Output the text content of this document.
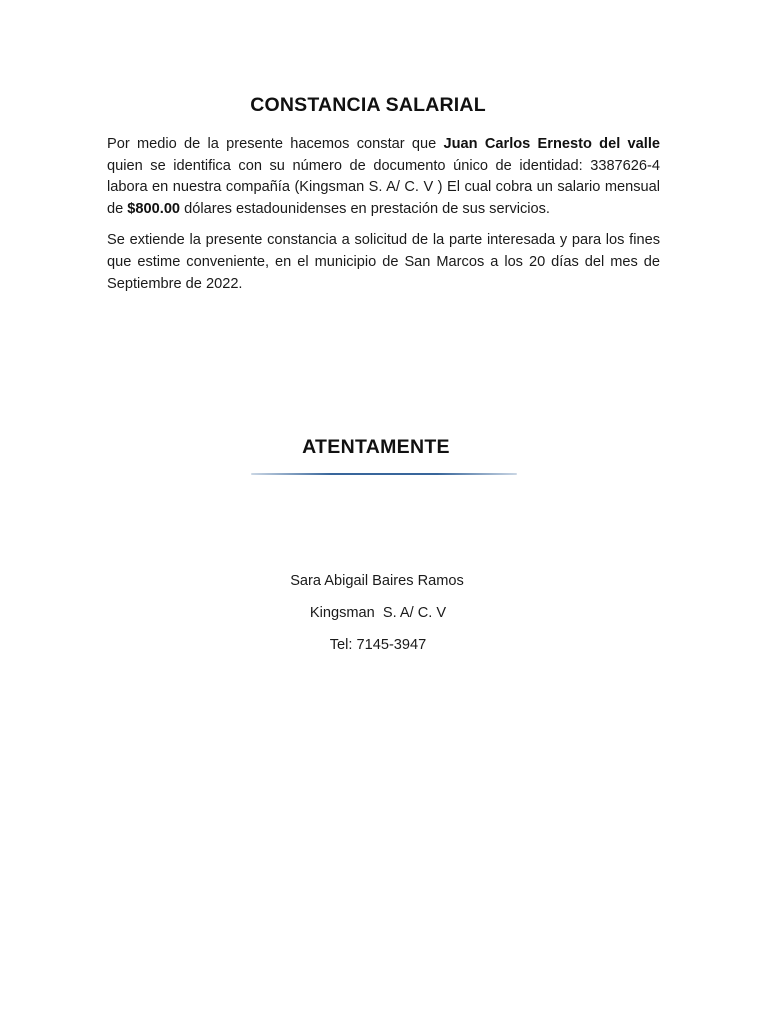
CONSTANCIA SALARIAL

Por medio de la presente hacemos constar que Juan Carlos Ernesto del valle quien se identifica con su número de documento único de identidad: 3387626-4 labora en nuestra compañía (Kingsman S. A/ C. V ) El cual cobra un salario mensual de $800.00 dólares estadounidenses en prestación de sus servicios.

Se extiende la presente constancia a solicitud de la parte interesada y para los fines que estime conveniente, en el municipio de San Marcos a los 20 días del mes de Septiembre de 2022.

ATENTAMENTE
Sara Abigail Baires Ramos
Kingsman  S. A/ C. V
Tel: 7145-3947
